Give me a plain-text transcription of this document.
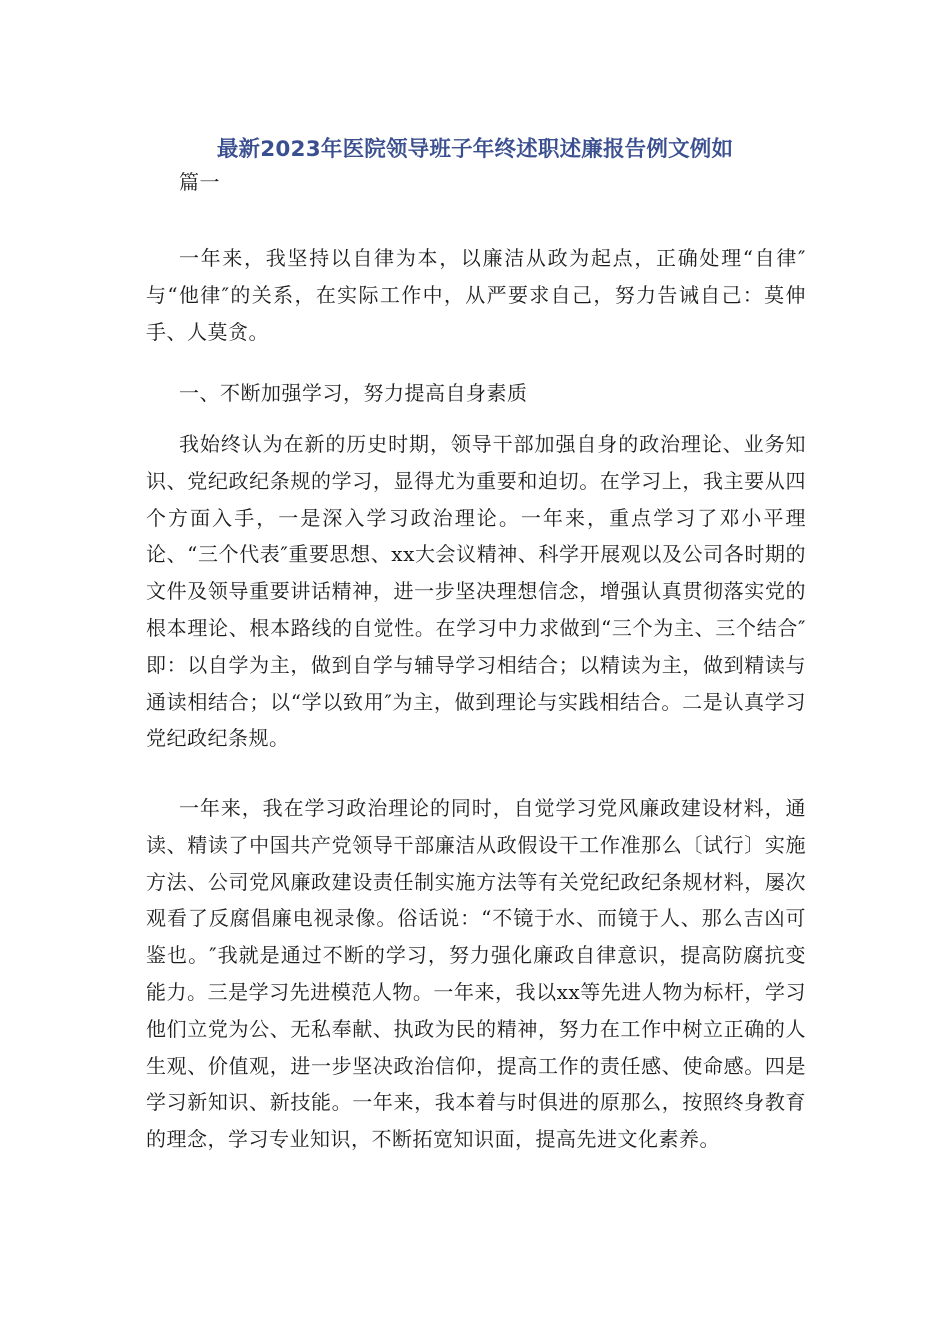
最新2023年医院领导班子年终述职述廉报告例文例如
篇一
一年来，我坚持以自律为本，以廉洁从政为起点，正确处理“自律″与“他律″的关系，在实际工作中，从严要求自己，努力告诫自己：莫伸手、人莫贪。
一、不断加强学习，努力提高自身素质
我始终认为在新的历史时期，领导干部加强自身的政治理论、业务知识、党纪政纪条规的学习，显得尤为重要和迫切。在学习上，我主要从四个方面入手，一是深入学习政治理论。一年来，重点学习了邓小平理论、“三个代表″重要思想、xx大会议精神、科学开展观以及公司各时期的文件及领导重要讲话精神，进一步坚决理想信念，增强认真贯彻落实党的根本理论、根本路线的自觉性。在学习中力求做到“三个为主、三个结合″即：以自学为主，做到自学与辅导学习相结合；以精读为主，做到精读与通读相结合；以“学以致用″为主，做到理论与实践相结合。二是认真学习党纪政纪条规。
一年来，我在学习政治理论的同时，自觉学习党风廉政建设材料，通读、精读了中国共产党领导干部廉洁从政假设干工作准那么〔试行〕实施方法、公司党风廉政建设责任制实施方法等有关党纪政纪条规材料，屡次观看了反腐倡廉电视录像。俗话说：“不镜于水、而镜于人、那么吉凶可鉴也。″我就是通过不断的学习，努力强化廉政自律意识，提高防腐抗变能力。三是学习先进模范人物。一年来，我以xx等先进人物为标杆，学习他们立党为公、无私奉献、执政为民的精神，努力在工作中树立正确的人生观、价值观，进一步坚决政治信仰，提高工作的责任感、使命感。四是学习新知识、新技能。一年来，我本着与时俱进的原那么，按照终身教育的理念，学习专业知识，不断拓宽知识面，提高先进文化素养。
